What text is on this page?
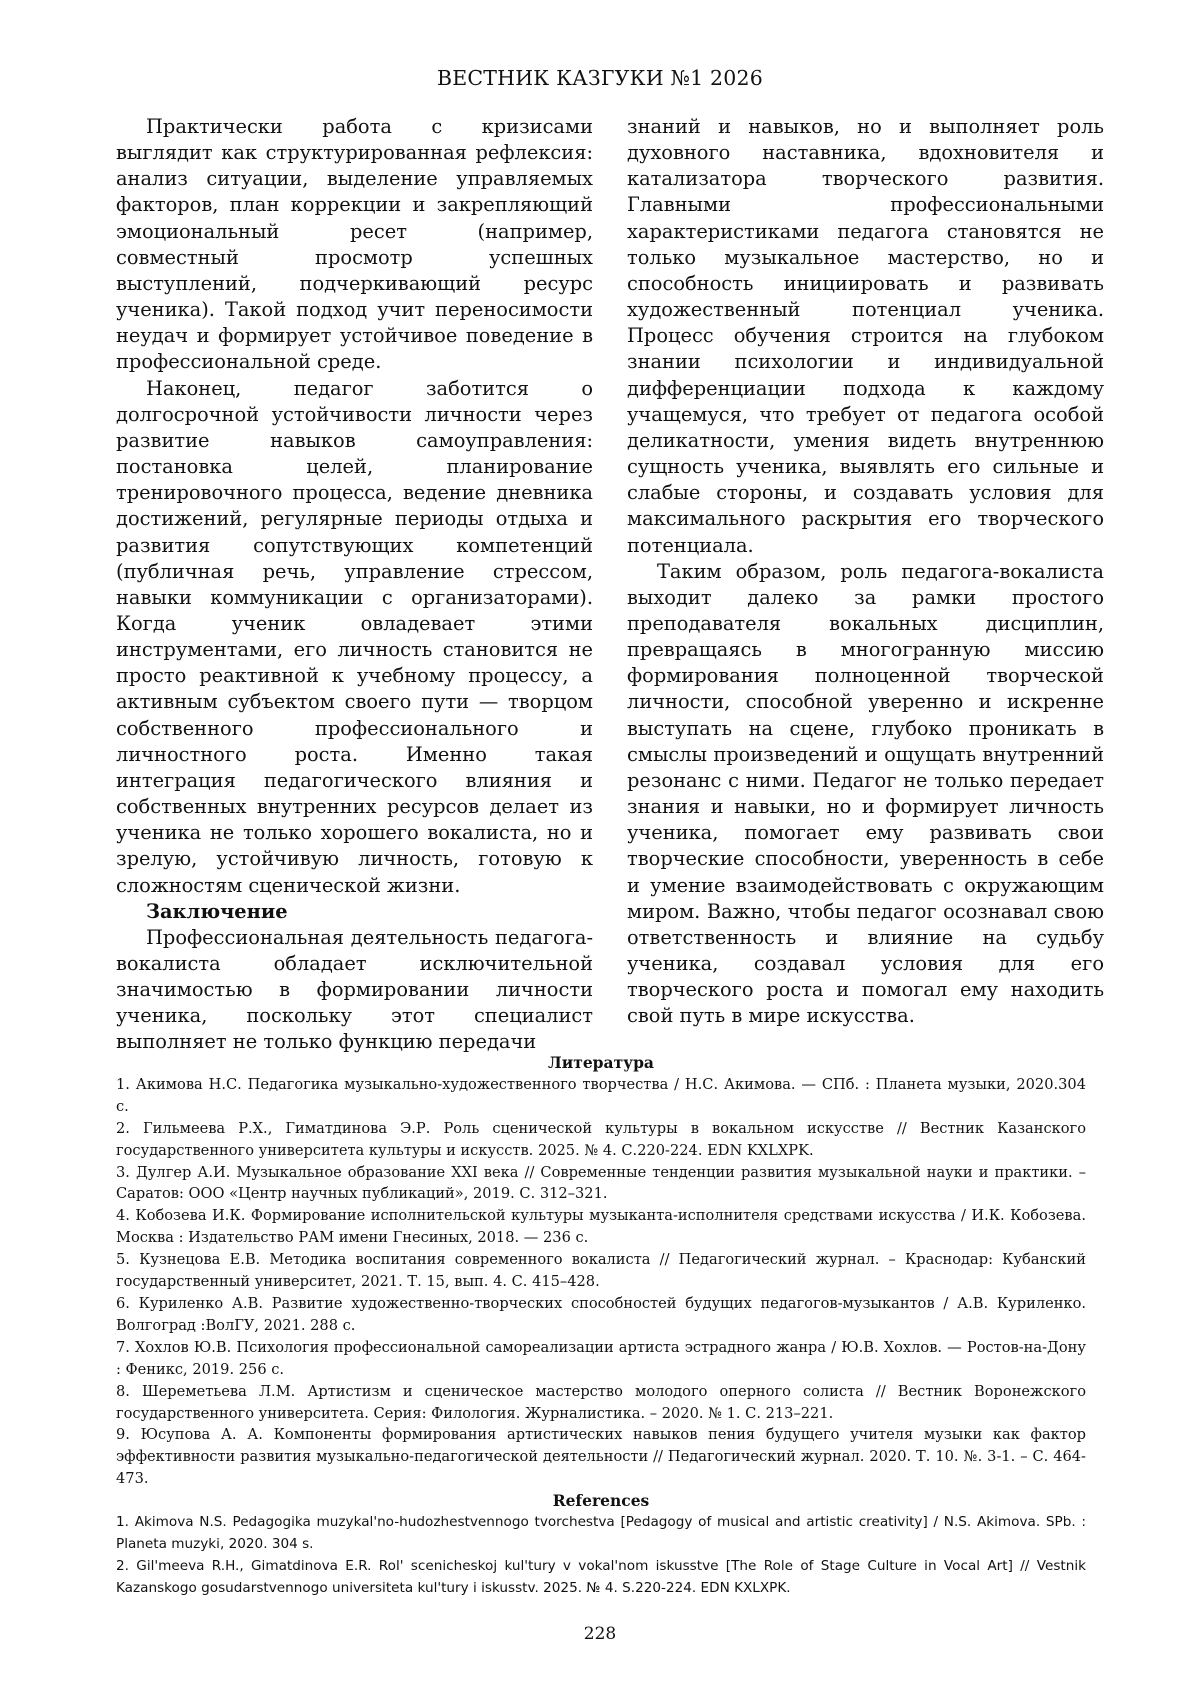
ВЕСТНИК КАЗГУКИ №1 2026

Практически работа с кризисами выглядит как структурированная рефлексия: анализ ситуации, выделение управляемых факторов, план коррекции и закрепляющий эмоциональный ресет (например, совместный просмотр успешных выступлений, подчеркивающий ресурс ученика). Такой подход учит переносимости неудач и формирует устойчивое поведение в профессиональной среде.

Наконец, педагог заботится о долгосрочной устойчивости личности через развитие навыков самоуправления: постановка целей, планирование тренировочного процесса, ведение дневника достижений, регулярные периоды отдыха и развития сопутствующих компетенций (публичная речь, управление стрессом, навыки коммуникации с организаторами). Когда ученик овладевает этими инструментами, его личность становится не просто реактивной к учебному процессу, а активным субъектом своего пути — творцом собственного профессионального и личностного роста. Именно такая интеграция педагогического влияния и собственных внутренних ресурсов делает из ученика не только хорошего вокалиста, но и зрелую, устойчивую личность, готовую к сложностям сценической жизни.

Заключение

Профессиональная деятельность педагога-вокалиста обладает исключительной значимостью в формировании личности ученика, поскольку этот специалист выполняет не только функцию передачи

знаний и навыков, но и выполняет роль духовного наставника, вдохновителя и катализатора творческого развития. Главными профессиональными характеристиками педагога становятся не только музыкальное мастерство, но и способность инициировать и развивать художественный потенциал ученика. Процесс обучения строится на глубоком знании психологии и индивидуальной дифференциации подхода к каждому учащемуся, что требует от педагога особой деликатности, умения видеть внутреннюю сущность ученика, выявлять его сильные и слабые стороны, и создавать условия для максимального раскрытия его творческого потенциала.

Таким образом, роль педагога-вокалиста выходит далеко за рамки простого преподавателя вокальных дисциплин, превращаясь в многогранную миссию формирования полноценной творческой личности, способной уверенно и искренне выступать на сцене, глубоко проникать в смыслы произведений и ощущать внутренний резонанс с ними. Педагог не только передает знания и навыки, но и формирует личность ученика, помогает ему развивать свои творческие способности, уверенность в себе и умение взаимодействовать с окружающим миром. Важно, чтобы педагог осознавал свою ответственность и влияние на судьбу ученика, создавал условия для его творческого роста и помогал ему находить свой путь в мире искусства.

Литература

1. Акимова Н.С. Педагогика музыкально-художественного творчества / Н.С. Акимова. — СПб. : Планета музыки, 2020.304 с.

2. Гильмеева Р.Х., Гиматдинова Э.Р. Роль сценической культуры в вокальном искусстве // Вестник Казанского государственного университета культуры и искусств. 2025. № 4. С.220-224. EDN KXLXPK.

3. Дулгер А.И. Музыкальное образование XXI века // Современные тенденции развития музыкальной науки и практики. – Саратов: ООО «Центр научных публикаций», 2019. С. 312–321.

4. Кобозева И.К. Формирование исполнительской культуры музыканта-исполнителя средствами искусства / И.К. Кобозева. Москва : Издательство РАМ имени Гнесиных, 2018. — 236 с.

5. Кузнецова Е.В. Методика воспитания современного вокалиста // Педагогический журнал. – Краснодар: Кубанский государственный университет, 2021. Т. 15, вып. 4. С. 415–428.

6. Куриленко А.В. Развитие художественно-творческих способностей будущих педагогов-музыкантов / А.В. Куриленко. Волгоград :ВолГУ, 2021. 288 с.

7. Хохлов Ю.В. Психология профессиональной самореализации артиста эстрадного жанра / Ю.В. Хохлов. — Ростов-на-Дону : Феникс, 2019. 256 с.

8. Шереметьева Л.М. Артистизм и сценическое мастерство молодого оперного солиста // Вестник Воронежского государственного университета. Серия: Филология. Журналистика. – 2020. № 1. С. 213–221.

9. Юсупова А. А. Компоненты формирования артистических навыков пения будущего учителя музыки как фактор эффективности развития музыкально-педагогической деятельности // Педагогический журнал. 2020. Т. 10. №. 3-1. – С. 464-473.

References

1. Akimova N.S. Pedagogika muzykal'no-hudozhestvennogo tvorchestva [Pedagogy of musical and artistic creativity] / N.S. Akimova. SPb. : Planeta muzyki, 2020. 304 s.

2. Gil'meeva R.H., Gimatdinova E.R. Rol' scenicheskoj kul'tury v vokal'nom iskusstve [The Role of Stage Culture in Vocal Art] // Vestnik Kazanskogo gosudarstvennogo universiteta kul'tury i iskusstv. 2025. № 4. S.220-224. EDN KXLXPK.

228
